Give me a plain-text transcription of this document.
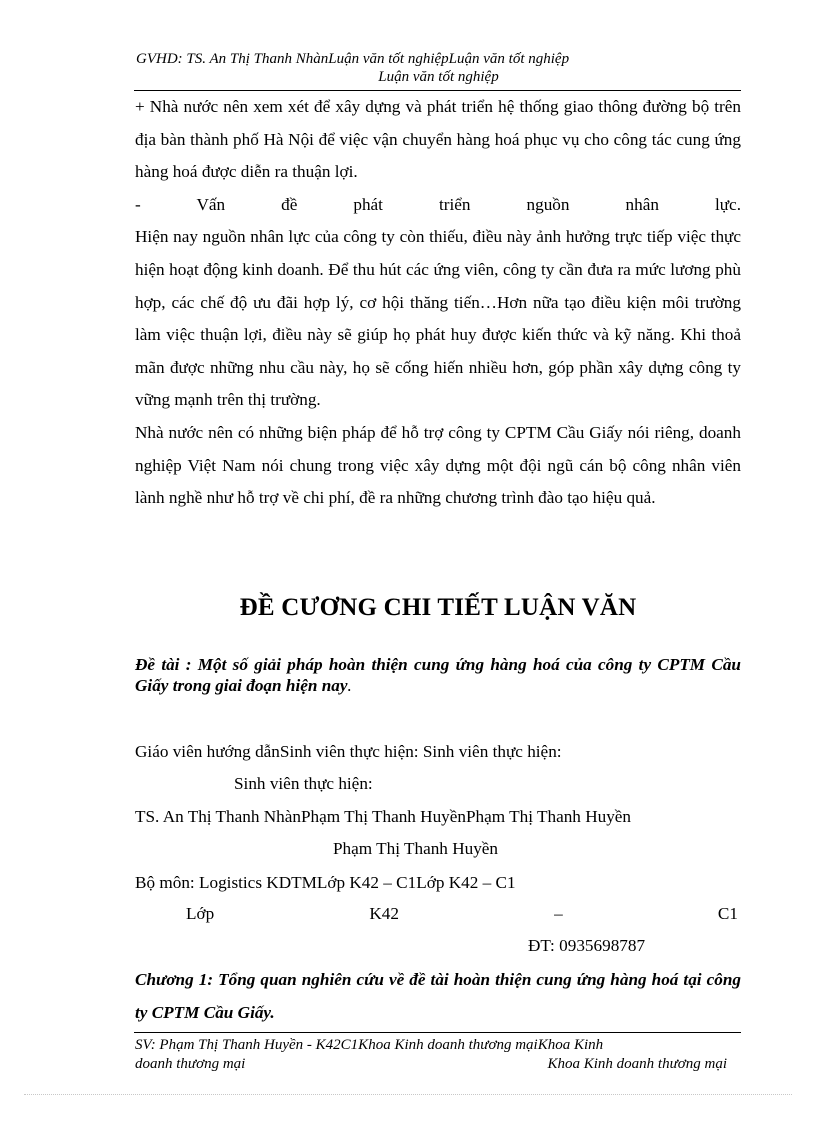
GVHD: TS. An Thị Thanh NhànLuận văn tốt nghiệpLuận văn tốt nghiệp
Luận văn tốt nghiệp

+ Nhà nước nên xem xét để xây dựng và phát triển hệ thống giao thông đường bộ trên địa bàn thành phố Hà Nội để việc vận chuyển hàng hoá phục vụ cho công tác cung ứng hàng hoá được diễn ra thuận lợi.

- Vấn đề phát triển nguồn nhân lực.

Hiện nay nguồn nhân lực của công ty còn thiếu, điều này ảnh hưởng trực tiếp việc thực hiện hoạt động kinh doanh. Để thu hút các ứng viên, công ty cần đưa ra mức lương phù hợp, các chế độ ưu đãi hợp lý, cơ hội thăng tiến…Hơn nữa tạo điều kiện môi trường làm việc thuận lợi, điều này sẽ giúp họ phát huy được kiến thức và kỹ năng. Khi thoả mãn được những nhu cầu này, họ sẽ cống hiến nhiều hơn, góp phần xây dựng công ty vững mạnh trên thị trường.

Nhà nước nên có những biện pháp để hỗ trợ công ty CPTM Cầu Giấy nói riêng, doanh nghiệp Việt Nam nói chung trong việc xây dựng một đội ngũ cán bộ công nhân viên lành nghề như hỗ trợ về chi phí, đề ra những chương trình đào tạo hiệu quả.

ĐỀ CƯƠNG CHI TIẾT LUẬN VĂN
Đề tài : Một số giải pháp hoàn thiện cung ứng hàng hoá của công ty CPTM Cầu Giấy trong giai đoạn hiện nay.
Giáo viên hướng dẫnSinh viên thực hiện: Sinh viên thực hiện:
Sinh viên thực hiện:
TS. An Thị Thanh NhànPhạm Thị Thanh HuyềnPhạm Thị Thanh Huyền
Phạm Thị Thanh Huyền
Bộ môn: Logistics KDTMLớp K42 – C1Lớp K42 – C1
Lớp	K42	–	C1
ĐT: 0935698787
Chương 1: Tổng quan nghiên cứu về đề tài hoàn thiện cung ứng hàng hoá tại công ty CPTM Cầu Giấy.
SV: Phạm Thị Thanh Huyền - K42C1Khoa Kinh doanh thương mạiKhoa Kinh
doanh thương mại	Khoa Kinh doanh thương mại
